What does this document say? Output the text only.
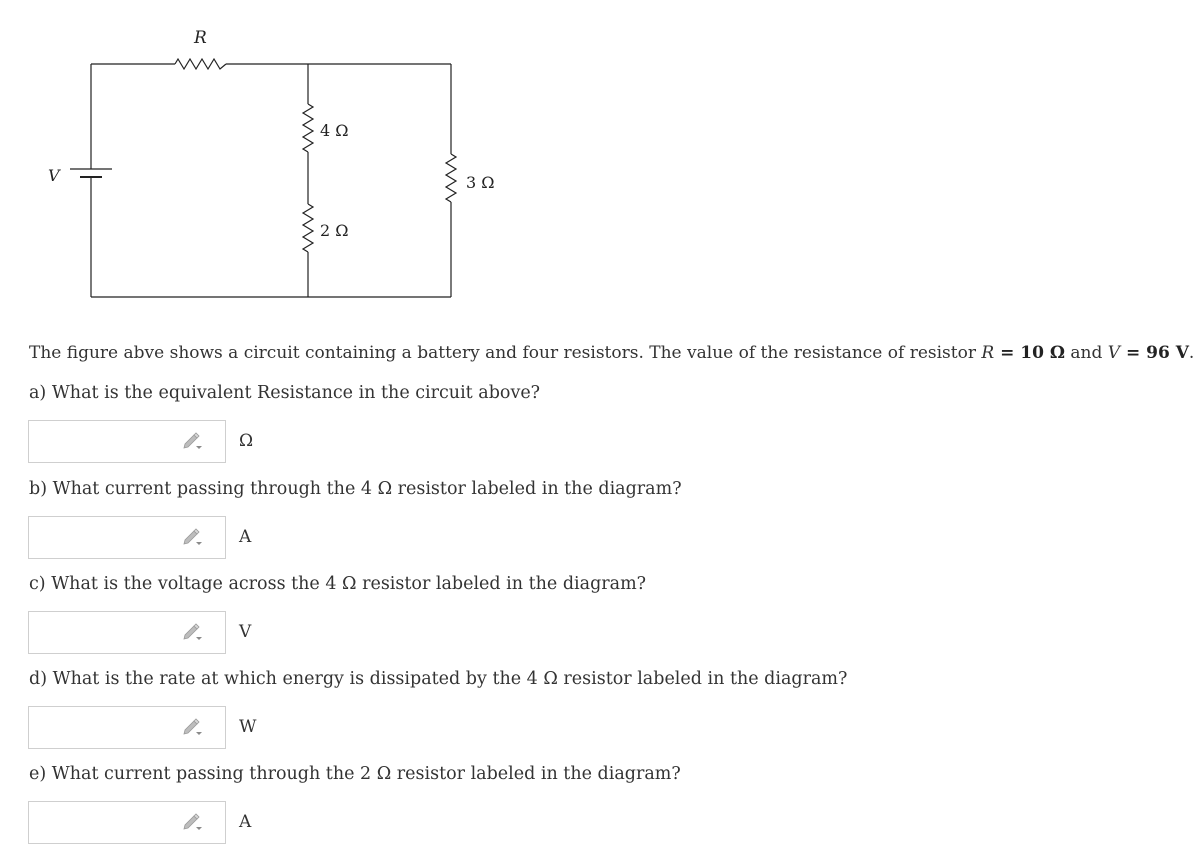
R
V
4 Ω
2 Ω
3 Ω
The figure abve shows a circuit containing a battery and four resistors. The value of the resistance of resistor R = 10 Ω and V = 96 V.
a) What is the equivalent Resistance in the circuit above?
Ω
b) What current passing through the 4 Ω resistor labeled in the diagram?
A
c) What is the voltage across the 4 Ω resistor labeled in the diagram?
V
d) What is the rate at which energy is dissipated by the 4 Ω resistor labeled in the diagram?
W
e) What current passing through the 2 Ω resistor labeled in the diagram?
A
